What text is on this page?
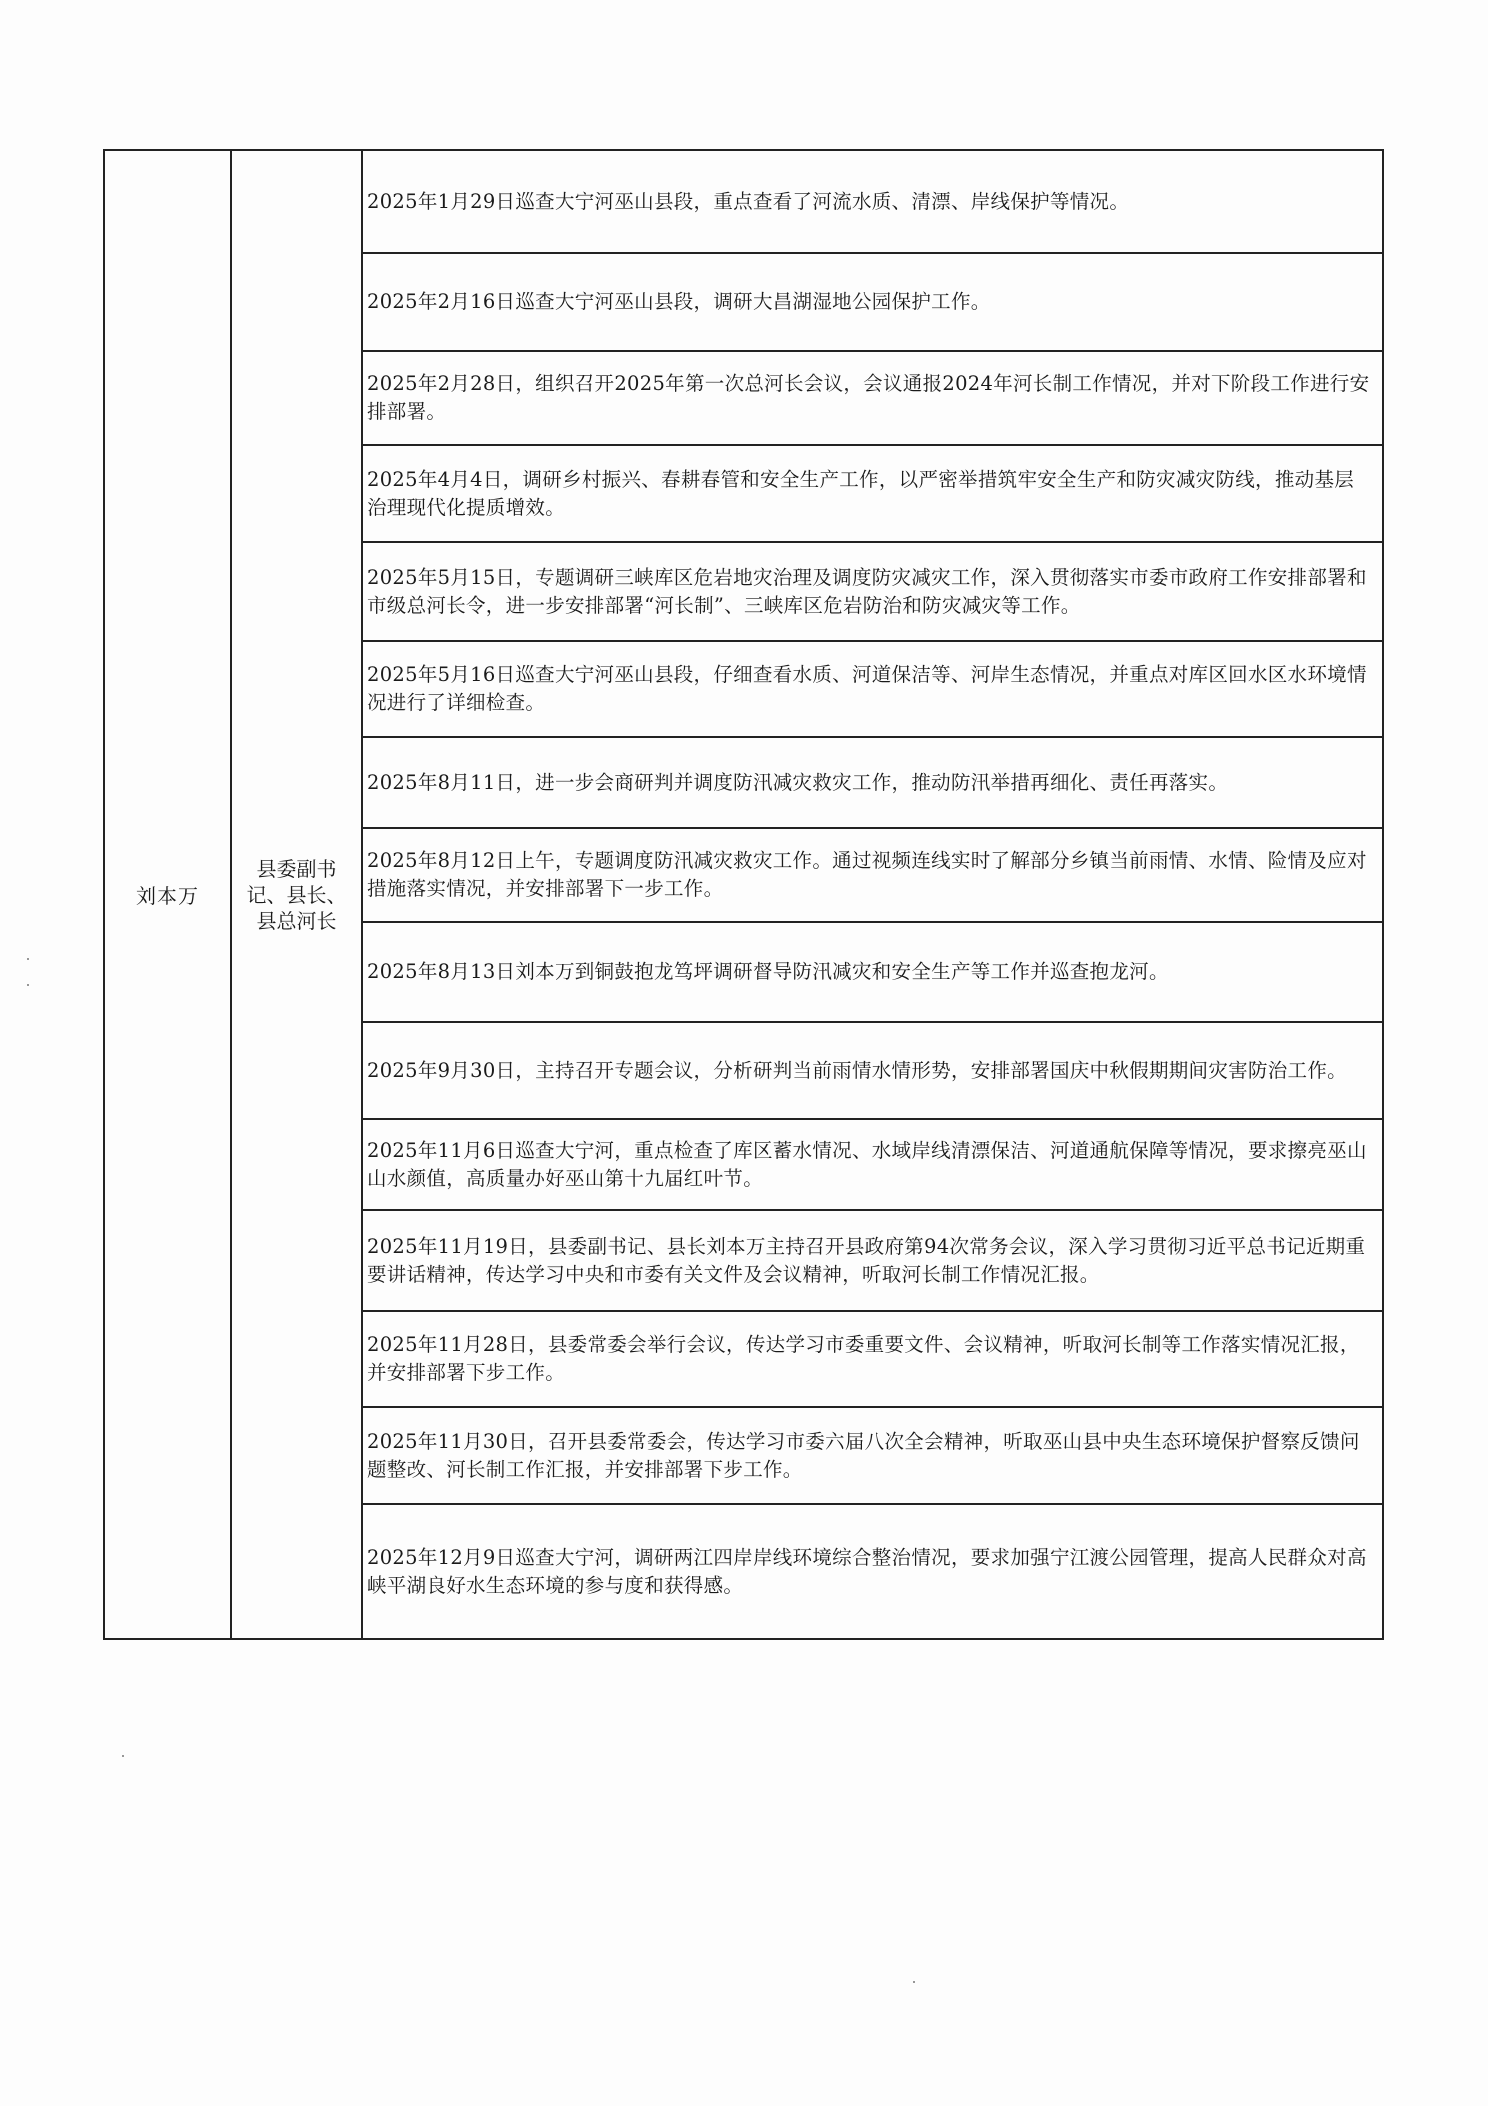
刘本万
县委副书记、县长、县总河长
2025年1月29日巡查大宁河巫山县段，重点查看了河流水质、清漂、岸线保护等情况。
2025年2月16日巡查大宁河巫山县段，调研大昌湖湿地公园保护工作。
2025年2月28日，组织召开2025年第一次总河长会议，会议通报2024年河长制工作情况，并对下阶段工作进行安排部署。
2025年4月4日，调研乡村振兴、春耕春管和安全生产工作，以严密举措筑牢安全生产和防灾减灾防线，推动基层治理现代化提质增效。
2025年5月15日，专题调研三峡库区危岩地灾治理及调度防灾减灾工作，深入贯彻落实市委市政府工作安排部署和市级总河长令，进一步安排部署“河长制”、三峡库区危岩防治和防灾减灾等工作。
2025年5月16日巡查大宁河巫山县段，仔细查看水质、河道保洁等、河岸生态情况，并重点对库区回水区水环境情况进行了详细检查。
2025年8月11日，进一步会商研判并调度防汛减灾救灾工作，推动防汛举措再细化、责任再落实。
2025年8月12日上午，专题调度防汛减灾救灾工作。通过视频连线实时了解部分乡镇当前雨情、水情、险情及应对措施落实情况，并安排部署下一步工作。
2025年8月13日刘本万到铜鼓抱龙笃坪调研督导防汛减灾和安全生产等工作并巡查抱龙河。
2025年9月30日，主持召开专题会议，分析研判当前雨情水情形势，安排部署国庆中秋假期期间灾害防治工作。
2025年11月6日巡查大宁河，重点检查了库区蓄水情况、水域岸线清漂保洁、河道通航保障等情况，要求擦亮巫山山水颜值，高质量办好巫山第十九届红叶节。
2025年11月19日，县委副书记、县长刘本万主持召开县政府第94次常务会议，深入学习贯彻习近平总书记近期重要讲话精神，传达学习中央和市委有关文件及会议精神，听取河长制工作情况汇报。
2025年11月28日，县委常委会举行会议，传达学习市委重要文件、会议精神，听取河长制等工作落实情况汇报，并安排部署下步工作。
2025年11月30日，召开县委常委会，传达学习市委六届八次全会精神，听取巫山县中央生态环境保护督察反馈问题整改、河长制工作汇报，并安排部署下步工作。
2025年12月9日巡查大宁河，调研两江四岸岸线环境综合整治情况，要求加强宁江渡公园管理，提高人民群众对高峡平湖良好水生态环境的参与度和获得感。
